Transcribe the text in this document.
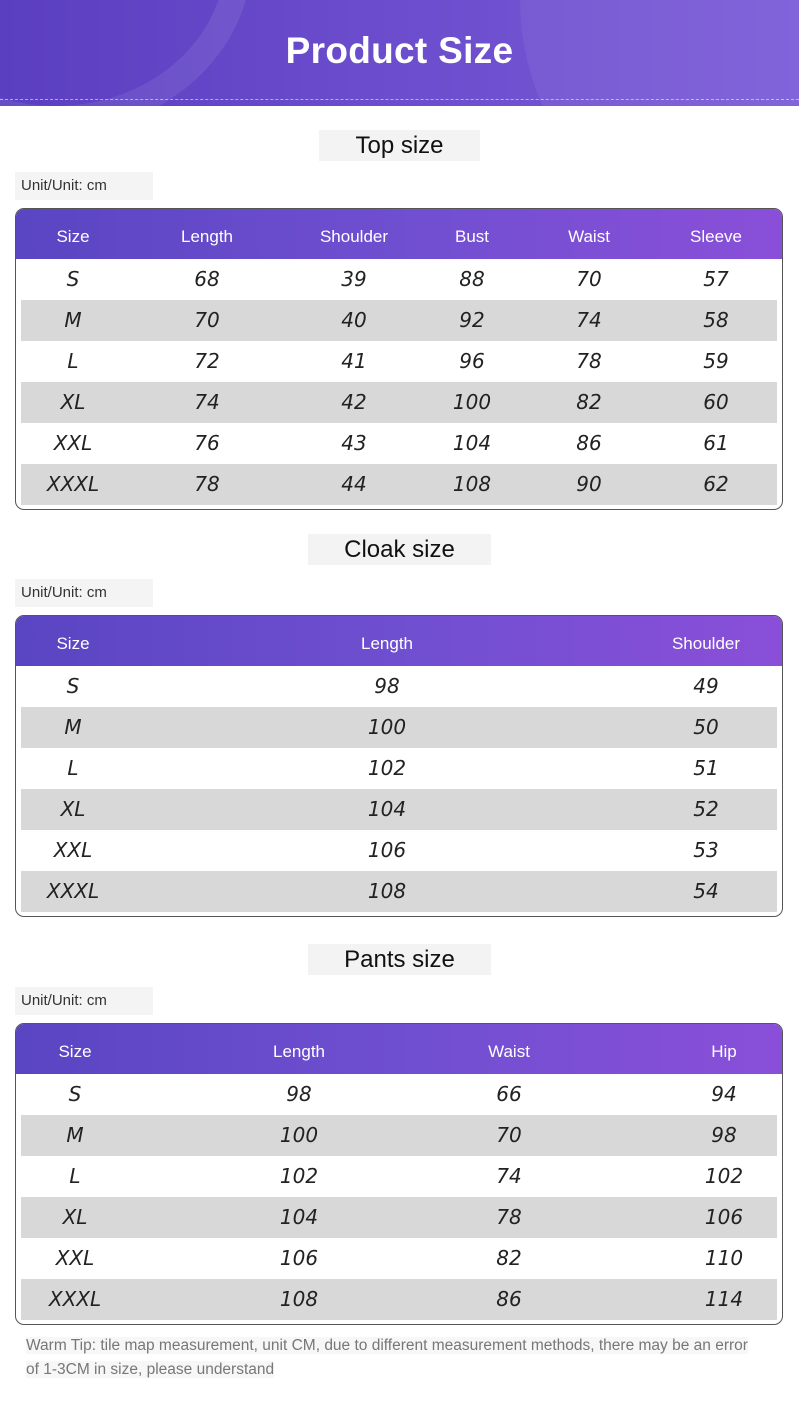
Product Size
Top size
Unit/Unit: cm
Size	Length	Shoulder	Bust	Waist	Sleeve
S	68	39	88	70	57
M	70	40	92	74	58
L	72	41	96	78	59
XL	74	42	100	82	60
XXL	76	43	104	86	61
XXXL	78	44	108	90	62
Cloak size
Unit/Unit: cm
Size	Length	Shoulder
S	98	49
M	100	50
L	102	51
XL	104	52
XXL	106	53
XXXL	108	54
Pants size
Unit/Unit: cm
Size	Length	Waist	Hip
S	98	66	94
M	100	70	98
L	102	74	102
XL	104	78	106
XXL	106	82	110
XXXL	108	86	114
Warm Tip: tile map measurement, unit CM, due to different measurement methods, there may be an error of 1-3CM in size, please understand
